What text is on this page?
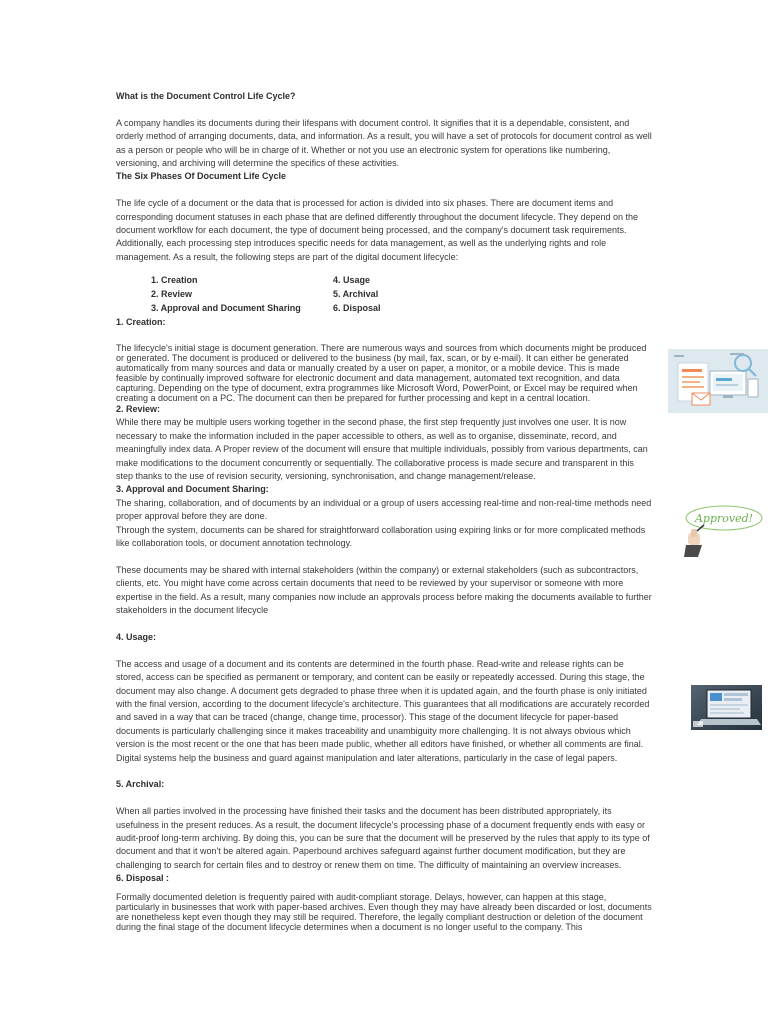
What is the Document Control Life Cycle?

A company handles its documents during their lifespans with document control. It signifies that it is a dependable, consistent, and orderly method of arranging documents, data, and information. As a result, you will have a set of protocols for document control as well as a person or people who will be in charge of it. Whether or not you use an electronic system for operations like numbering, versioning, and archiving will determine the specifics of these activities.

The Six Phases Of Document Life Cycle

The life cycle of a document or the data that is processed for action is divided into six phases. There are document items and corresponding document statuses in each phase that are defined differently throughout the document lifecycle. They depend on the document workflow for each document, the type of document being processed, and the company's document task requirements. Additionally, each processing step introduces specific needs for data management, as well as the underlying rights and role management. As a result, the following steps are part of the digital document lifecycle:

1. Creation
2. Review
3. Approval and Document Sharing
4. Usage
5. Archival
6. Disposal

1. Creation:

The lifecycle's initial stage is document generation. There are numerous ways and sources from which documents might be produced or generated. The document is produced or delivered to the business (by mail, fax, scan, or by e-mail). It can either be generated automatically from many sources and data or manually created by a user on paper, a monitor, or a mobile device. This is made feasible by continually improved software for electronic document and data management, automated text recognition, and data capturing. Depending on the type of document, extra programmes like Microsoft Word, PowerPoint, or Excel may be required when creating a document on a PC. The document can then be prepared for further processing and kept in a central location.

2. Review:

While there may be multiple users working together in the second phase, the first step frequently just involves one user. It is now necessary to make the information included in the paper accessible to others, as well as to organise, disseminate, record, and meaningfully index data. A Proper review of the document will ensure that multiple individuals, possibly from various departments, can make modifications to the document concurrently or sequentially. The collaborative process is made secure and transparent in this step thanks to the use of revision security, versioning, synchronisation, and change management/release.

3. Approval and Document Sharing:

The sharing, collaboration, and of documents by an individual or a group of users accessing real-time and non-real-time methods need proper approval before they are done.

Through the system, documents can be shared for straightforward collaboration using expiring links or for more complicated methods like collaboration tools, or document annotation technology.

These documents may be shared with internal stakeholders (within the company) or external stakeholders (such as subcontractors, clients, etc. You might have come across certain documents that need to be reviewed by your supervisor or someone with more expertise in the field. As a result, many companies now include an approvals process before making the documents available to further stakeholders in the document lifecycle

4. Usage:

The access and usage of a document and its contents are determined in the fourth phase. Read-write and release rights can be stored, access can be specified as permanent or temporary, and content can be easily or repeatedly accessed. During this stage, the document may also change. A document gets degraded to phase three when it is updated again, and the fourth phase is only initiated with the final version, according to the document lifecycle's architecture. This guarantees that all modifications are accurately recorded and saved in a way that can be traced (change, change time, processor). This stage of the document lifecycle for paper-based documents is particularly challenging since it makes traceability and unambiguity more challenging. It is not always obvious which version is the most recent or the one that has been made public, whether all editors have finished, or whether all comments are final. Digital systems help the business and guard against manipulation and later alterations, particularly in the case of legal papers.

5. Archival:

When all parties involved in the processing have finished their tasks and the document has been distributed appropriately, its usefulness in the present reduces. As a result, the document lifecycle's processing phase of a document frequently ends with easy or audit-proof long-term archiving. By doing this, you can be sure that the document will be preserved by the rules that apply to its type of document and that it won't be altered again. Paperbound archives safeguard against further document modification, but they are challenging to search for certain files and to destroy or renew them on time. The difficulty of maintaining an overview increases.

6. Disposal :

Formally documented deletion is frequently paired with audit-compliant storage. Delays, however, can happen at this stage, particularly in businesses that work with paper-based archives. Even though they may have already been discarded or lost, documents are nonetheless kept even though they may still be required. Therefore, the legally compliant destruction or deletion of the document during the final stage of the document lifecycle determines when a document is no longer useful to the company. This

Approved!
